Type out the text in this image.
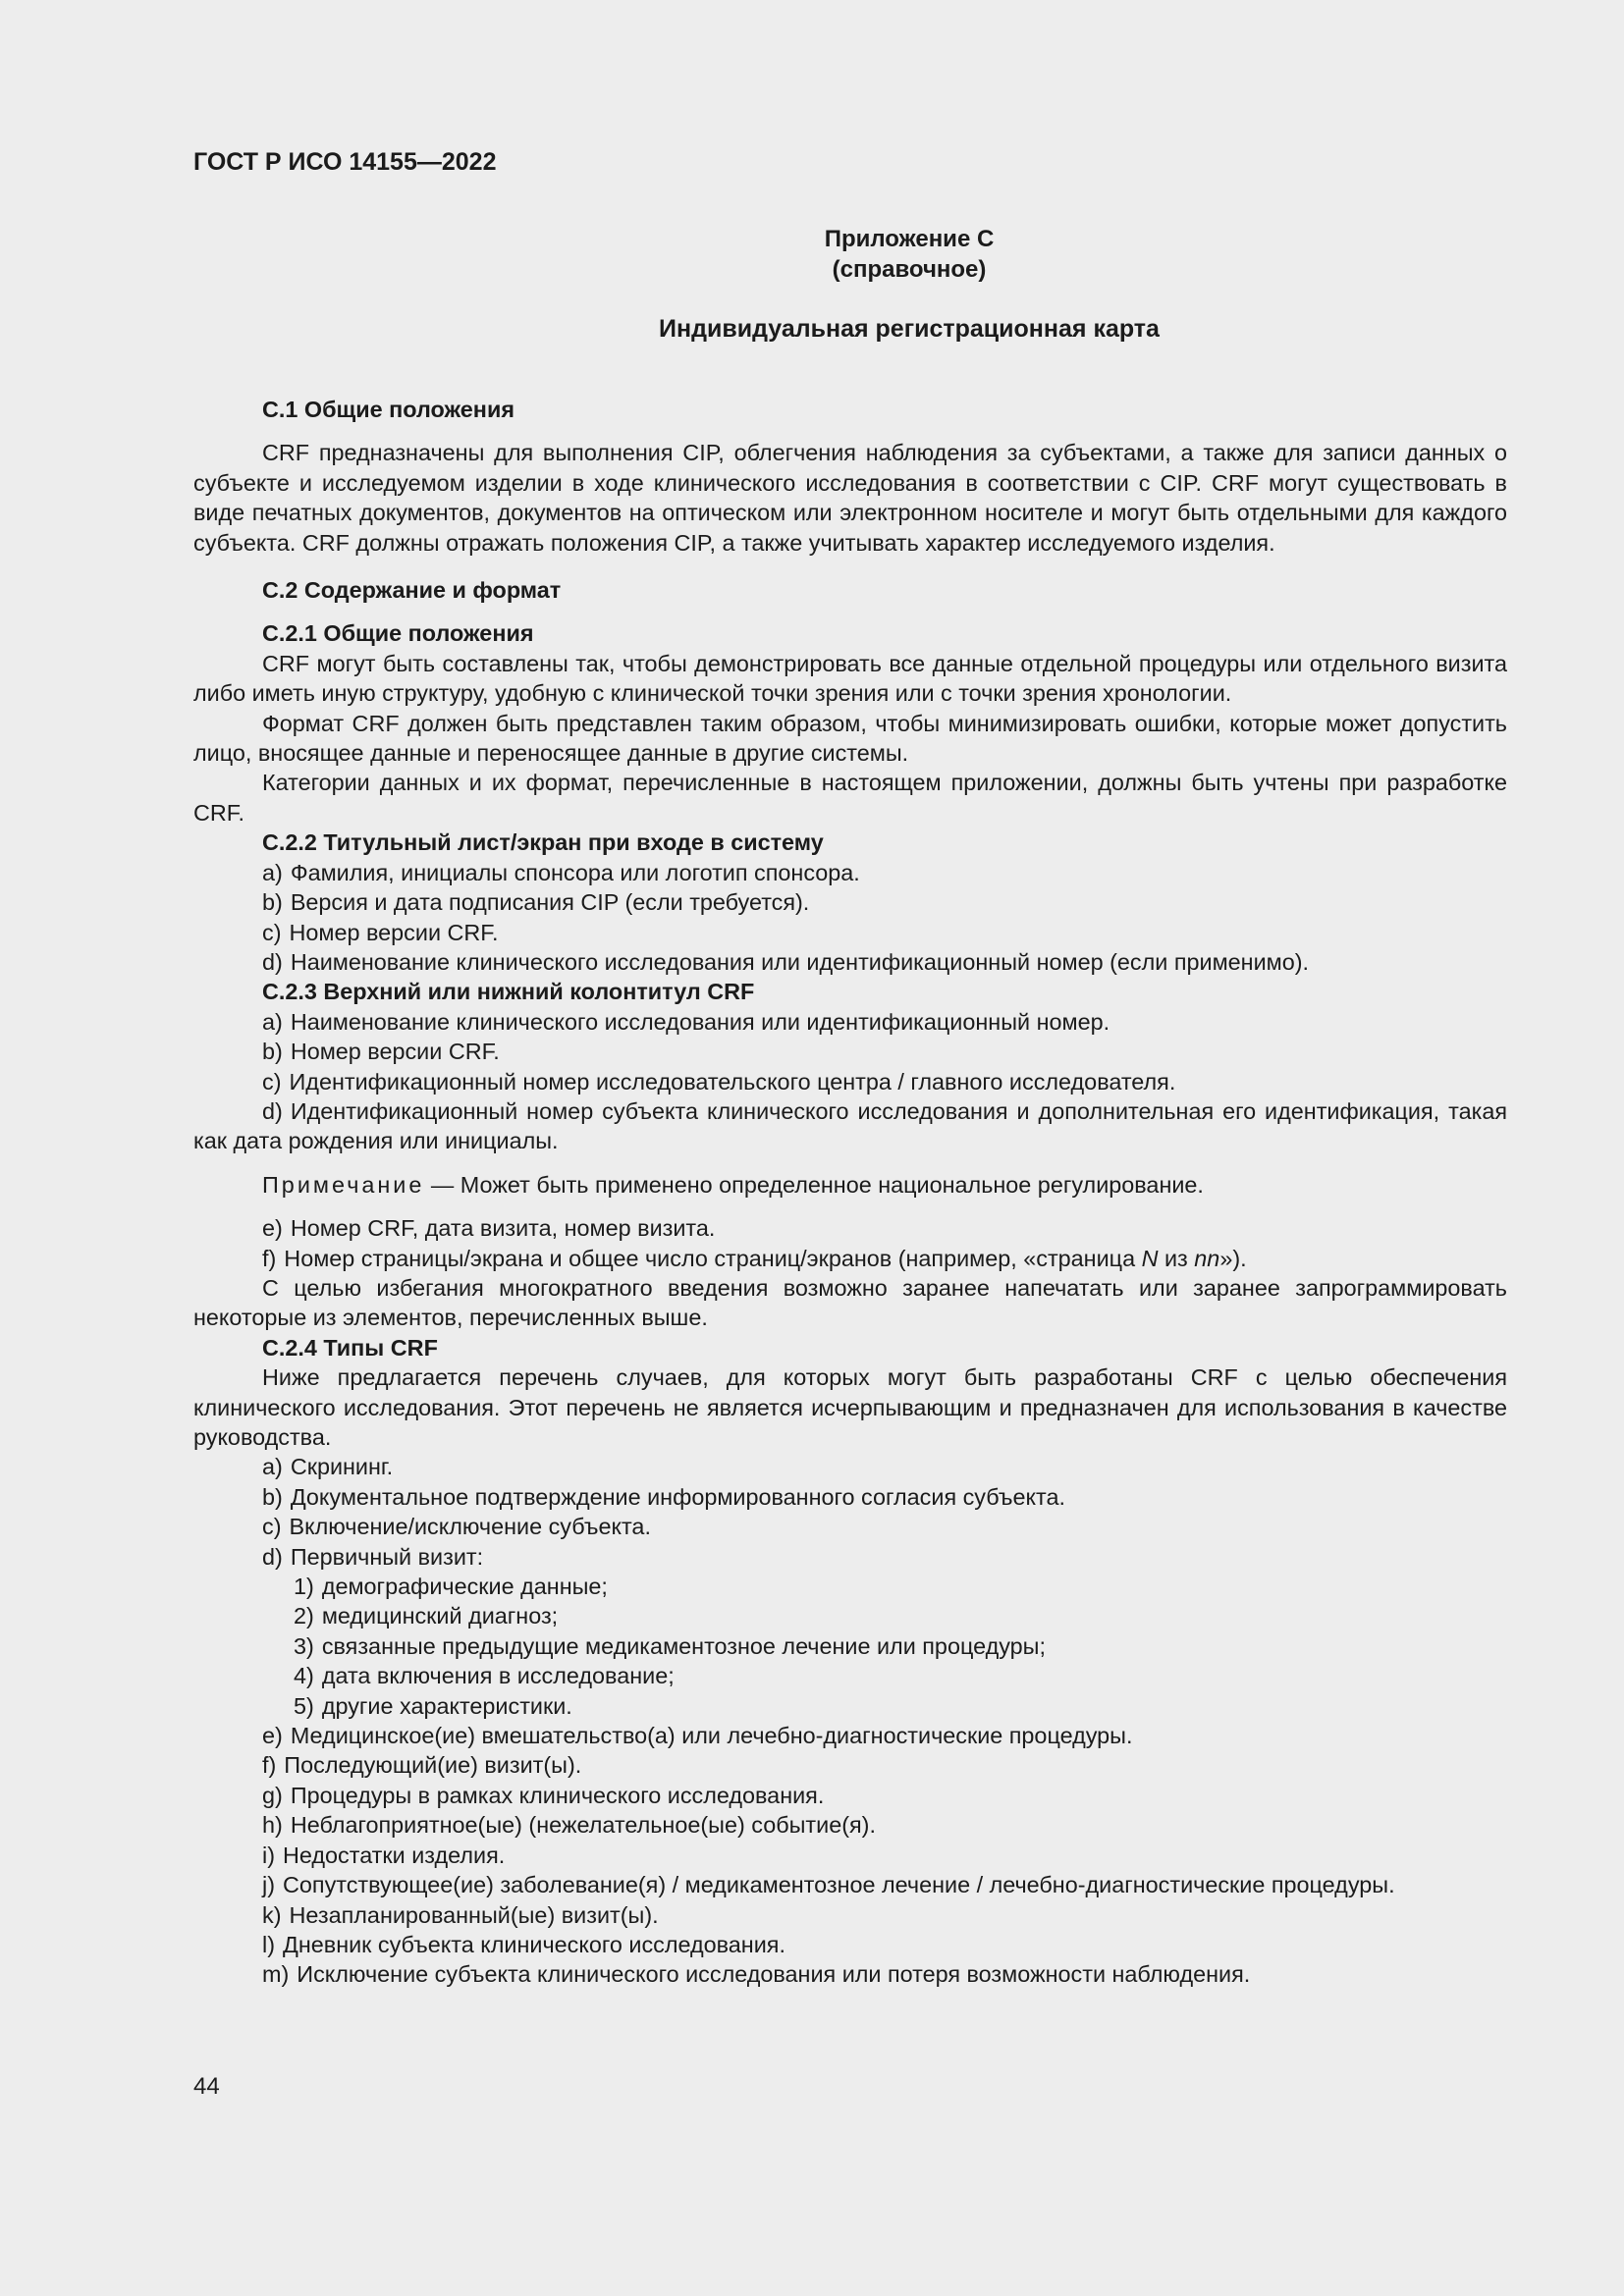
ГОСТ Р ИСО 14155—2022
Приложение С
(справочное)
Индивидуальная регистрационная карта
С.1 Общие положения

CRF предназначены для выполнения CIP, облегчения наблюдения за субъектами, а также для записи данных о субъекте и исследуемом изделии в ходе клинического исследования в соответствии с CIP. CRF могут существовать в виде печатных документов, документов на оптическом или электронном носителе и могут быть отдельными для каждого субъекта. CRF должны отражать положения CIP, а также учитывать характер исследуемого изделия.

С.2 Содержание и формат
С.2.1 Общие положения

CRF могут быть составлены так, чтобы демонстрировать все данные отдельной процедуры или отдельного визита либо иметь иную структуру, удобную с клинической точки зрения или с точки зрения хронологии.

Формат CRF должен быть представлен таким образом, чтобы минимизировать ошибки, которые может допустить лицо, вносящее данные и переносящее данные в другие системы.

Категории данных и их формат, перечисленные в настоящем приложении, должны быть учтены при разработке CRF.

С.2.2 Титульный лист/экран при входе в систему
a) Фамилия, инициалы спонсора или логотип спонсора.
b) Версия и дата подписания CIP (если требуется).
c) Номер версии CRF.
d) Наименование клинического исследования или идентификационный номер (если применимо).
С.2.3 Верхний или нижний колонтитул CRF
a) Наименование клинического исследования или идентификационный номер.
b) Номер версии CRF.
c) Идентификационный номер исследовательского центра / главного исследователя.

d) Идентификационный номер субъекта клинического исследования и дополнительная его идентификация, такая как дата рождения или инициалы.

Примечание — Может быть применено определенное национальное регулирование.

e) Номер CRF, дата визита, номер визита.
f) Номер страницы/экрана и общее число страниц/экранов (например, «страница N из nn»).

С целью избегания многократного введения возможно заранее напечатать или заранее запрограммировать некоторые из элементов, перечисленных выше.

С.2.4 Типы CRF

Ниже предлагается перечень случаев, для которых могут быть разработаны CRF с целью обеспечения клинического исследования. Этот перечень не является исчерпывающим и предназначен для использования в качестве руководства.

a) Скрининг.
b) Документальное подтверждение информированного согласия субъекта.
c) Включение/исключение субъекта.
d) Первичный визит:
1) демографические данные;
2) медицинский диагноз;
3) связанные предыдущие медикаментозное лечение или процедуры;
4) дата включения в исследование;
5) другие характеристики.
e) Медицинское(ие) вмешательство(а) или лечебно-диагностические процедуры.
f) Последующий(ие) визит(ы).
g) Процедуры в рамках клинического исследования.
h) Неблагоприятное(ые) (нежелательное(ые) событие(я).
i) Недостатки изделия.
j) Сопутствующее(ие) заболевание(я) / медикаментозное лечение / лечебно-диагностические процедуры.
k) Незапланированный(ые) визит(ы).
l) Дневник субъекта клинического исследования.
m) Исключение субъекта клинического исследования или потеря возможности наблюдения.
44
